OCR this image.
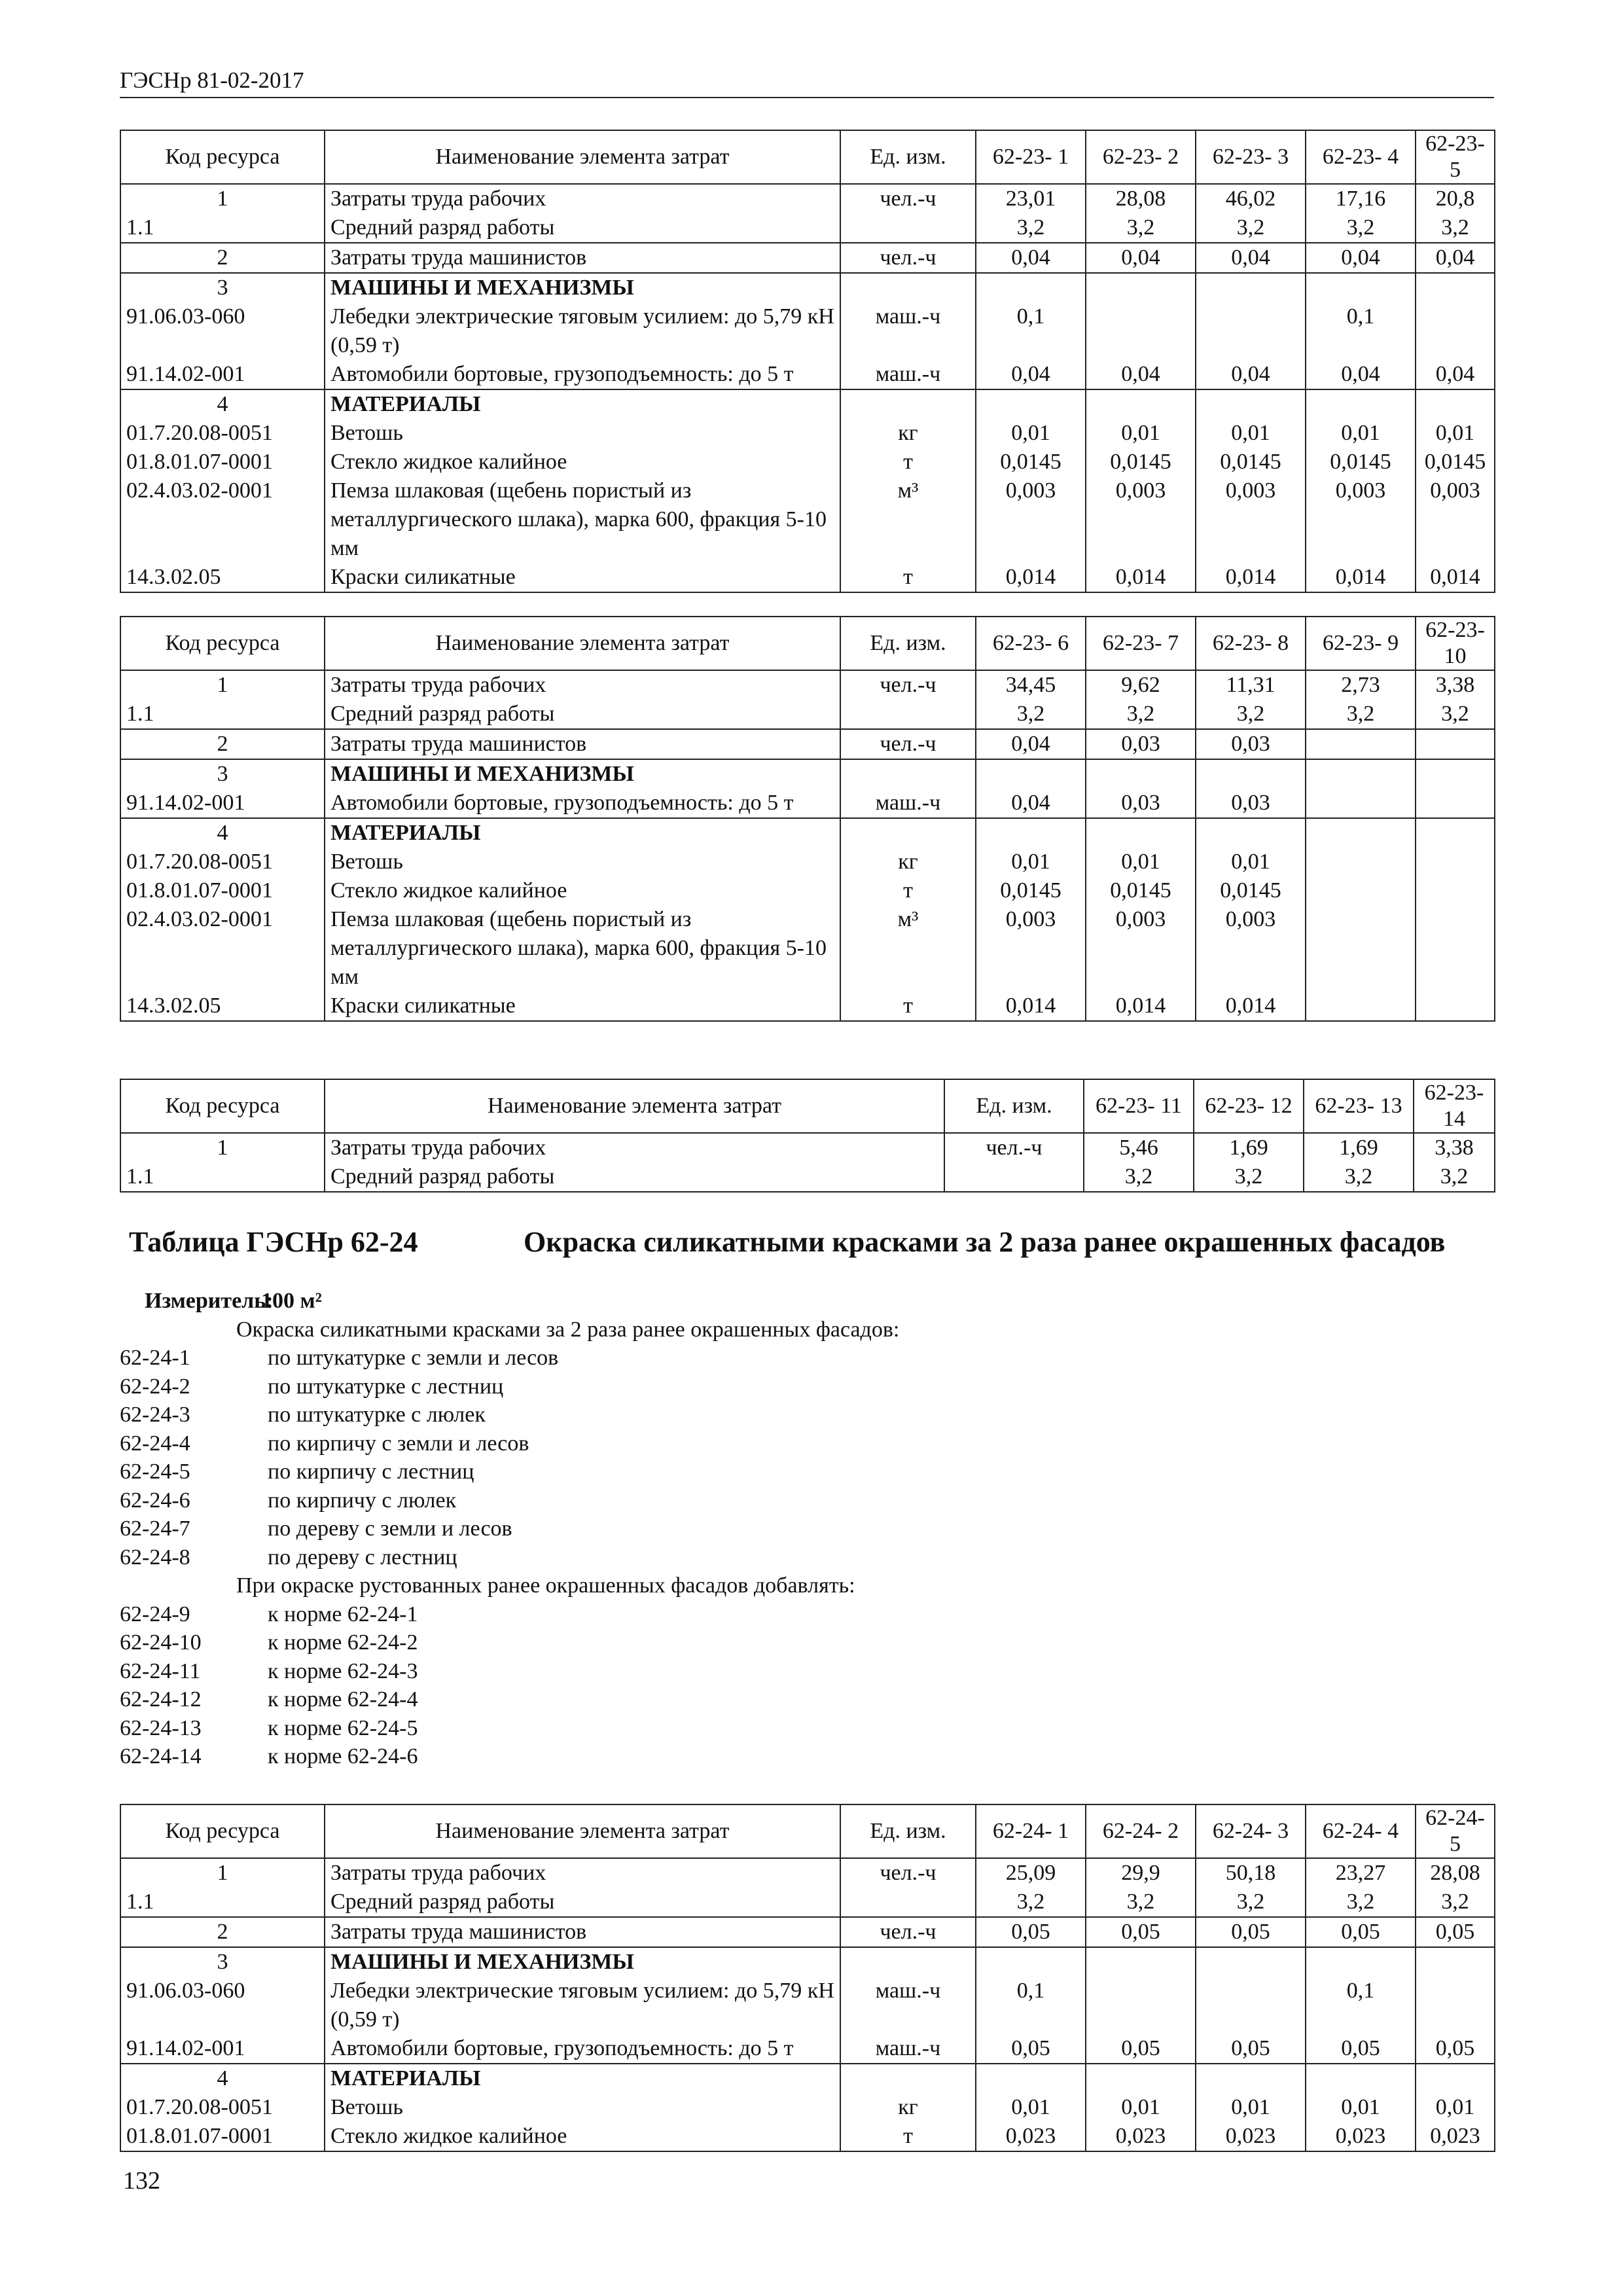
ГЭСНр 81-02-2017
Код ресурса	Наименование элемента затрат	Ед. изм.	62-23- 1	62-23- 2	62-23- 3	62-23- 4	62-23- 5
1	Затраты труда рабочих	чел.-ч	23,01	28,08	46,02	17,16	20,8
1.1	Средний разряд работы		3,2	3,2	3,2	3,2	3,2
2	Затраты труда машинистов	чел.-ч	0,04	0,04	0,04	0,04	0,04
3	МАШИНЫ И МЕХАНИЗМЫ						
91.06.03-060	Лебедки электрические тяговым усилием: до 5,79 кН (0,59 т)	маш.-ч	0,1			0,1	
91.14.02-001	Автомобили бортовые, грузоподъемность: до 5 т	маш.-ч	0,04	0,04	0,04	0,04	0,04
4	МАТЕРИАЛЫ						
01.7.20.08-0051	Ветошь	кг	0,01	0,01	0,01	0,01	0,01
01.8.01.07-0001	Стекло жидкое калийное	т	0,0145	0,0145	0,0145	0,0145	0,0145
02.4.03.02-0001	Пемза шлаковая (щебень пористый из металлургического шлака), марка 600, фракция 5-10 мм	м³	0,003	0,003	0,003	0,003	0,003
14.3.02.05	Краски силикатные	т	0,014	0,014	0,014	0,014	0,014
Код ресурса	Наименование элемента затрат	Ед. изм.	62-23- 6	62-23- 7	62-23- 8	62-23- 9	62-23- 10
1	Затраты труда рабочих	чел.-ч	34,45	9,62	11,31	2,73	3,38
1.1	Средний разряд работы		3,2	3,2	3,2	3,2	3,2
2	Затраты труда машинистов	чел.-ч	0,04	0,03	0,03		
3	МАШИНЫ И МЕХАНИЗМЫ						
91.14.02-001	Автомобили бортовые, грузоподъемность: до 5 т	маш.-ч	0,04	0,03	0,03		
4	МАТЕРИАЛЫ						
01.7.20.08-0051	Ветошь	кг	0,01	0,01	0,01		
01.8.01.07-0001	Стекло жидкое калийное	т	0,0145	0,0145	0,0145		
02.4.03.02-0001	Пемза шлаковая (щебень пористый из металлургического шлака), марка 600, фракция 5-10 мм	м³	0,003	0,003	0,003		
14.3.02.05	Краски силикатные	т	0,014	0,014	0,014		
Код ресурса	Наименование элемента затрат	Ед. изм.	62-23- 11	62-23- 12	62-23- 13	62-23- 14
1	Затраты труда рабочих	чел.-ч	5,46	1,69	1,69	3,38
1.1	Средний разряд работы		3,2	3,2	3,2	3,2
Таблица ГЭСНр 62-24	Окраска силикатными красками за 2 раза ранее окрашенных фасадов
Измеритель:
100 м²
Окраска силикатными красками за 2 раза ранее окрашенных фасадов:
62-24-1	по штукатурке с земли и лесов
62-24-2	по штукатурке с лестниц
62-24-3	по штукатурке с люлек
62-24-4	по кирпичу с земли и лесов
62-24-5	по кирпичу с лестниц
62-24-6	по кирпичу с люлек
62-24-7	по дереву с земли и лесов
62-24-8	по дереву с лестниц
При окраске рустованных ранее окрашенных фасадов добавлять:
62-24-9	к норме 62-24-1
62-24-10	к норме 62-24-2
62-24-11	к норме 62-24-3
62-24-12	к норме 62-24-4
62-24-13	к норме 62-24-5
62-24-14	к норме 62-24-6
Код ресурса	Наименование элемента затрат	Ед. изм.	62-24- 1	62-24- 2	62-24- 3	62-24- 4	62-24- 5
1	Затраты труда рабочих	чел.-ч	25,09	29,9	50,18	23,27	28,08
1.1	Средний разряд работы		3,2	3,2	3,2	3,2	3,2
2	Затраты труда машинистов	чел.-ч	0,05	0,05	0,05	0,05	0,05
3	МАШИНЫ И МЕХАНИЗМЫ						
91.06.03-060	Лебедки электрические тяговым усилием: до 5,79 кН (0,59 т)	маш.-ч	0,1			0,1	
91.14.02-001	Автомобили бортовые, грузоподъемность: до 5 т	маш.-ч	0,05	0,05	0,05	0,05	0,05
4	МАТЕРИАЛЫ						
01.7.20.08-0051	Ветошь	кг	0,01	0,01	0,01	0,01	0,01
01.8.01.07-0001	Стекло жидкое калийное	т	0,023	0,023	0,023	0,023	0,023
132
